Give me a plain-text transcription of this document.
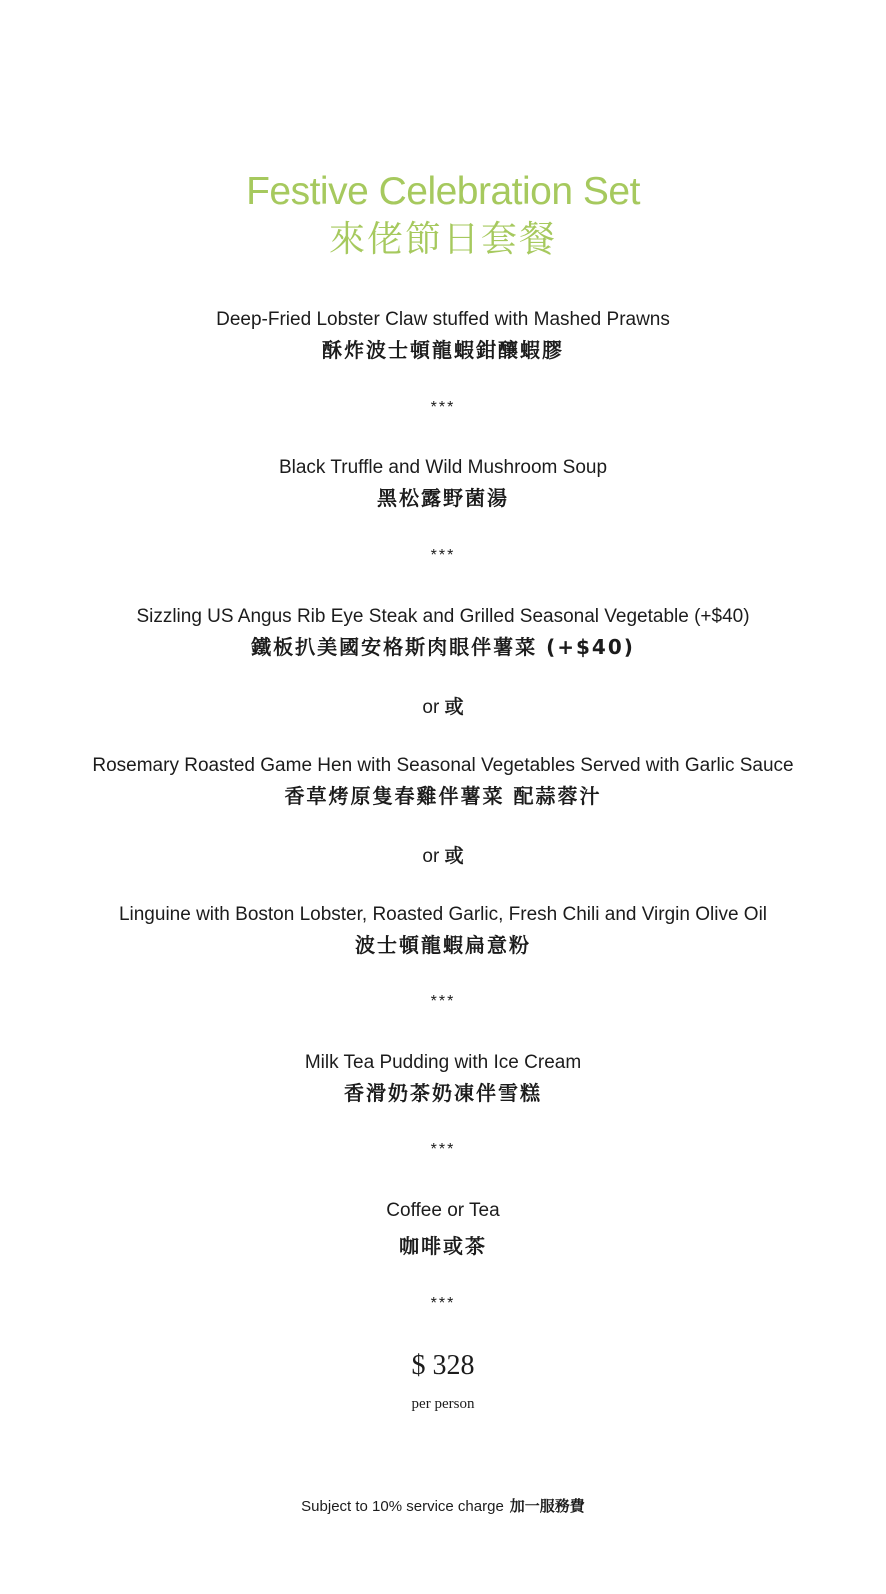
Festive Celebration Set
來佬節日套餐
Deep-Fried Lobster Claw stuffed with Mashed Prawns
酥炸波士頓龍蝦鉗釀蝦膠
***
Black Truffle and Wild Mushroom Soup
黑松露野菌湯
***
Sizzling US Angus Rib Eye Steak and Grilled Seasonal Vegetable (+$40)
鐵板扒美國安格斯肉眼伴薯菜 (+$40)
or 或
Rosemary Roasted Game Hen with Seasonal Vegetables Served with Garlic Sauce
香草烤原隻春雞伴薯菜 配蒜蓉汁
or 或
Linguine with Boston Lobster, Roasted Garlic, Fresh Chili and Virgin Olive Oil
波士頓龍蝦扁意粉
***
Milk Tea Pudding with Ice Cream
香滑奶茶奶凍伴雪糕
***
Coffee or Tea
咖啡或茶
***
$ 328
per person
Subject to 10% service charge 加一服務費
